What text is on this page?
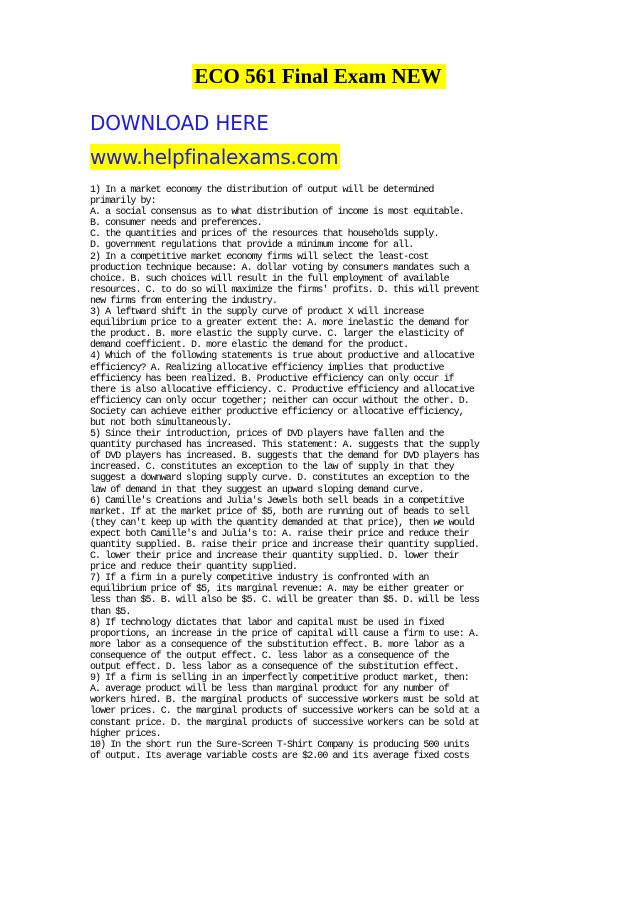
ECO 561 Final Exam NEW
DOWNLOAD HERE
www.helpfinalexams.com
1) In a market economy the distribution of output will be determined
primarily by:
A. a social consensus as to what distribution of income is most equitable.
B. consumer needs and preferences.
C. the quantities and prices of the resources that households supply.
D. government regulations that provide a minimum income for all.
2) In a competitive market economy firms will select the least-cost
production technique because: A. dollar voting by consumers mandates such a
choice. B. such choices will result in the full employment of available
resources. C. to do so will maximize the firms' profits. D. this will prevent
new firms from entering the industry.
3) A leftward shift in the supply curve of product X will increase
equilibrium price to a greater extent the: A. more inelastic the demand for
the product. B. more elastic the supply curve. C. larger the elasticity of
demand coefficient. D. more elastic the demand for the product.
4) Which of the following statements is true about productive and allocative
efficiency? A. Realizing allocative efficiency implies that productive
efficiency has been realized. B. Productive efficiency can only occur if
there is also allocative efficiency. C. Productive efficiency and allocative
efficiency can only occur together; neither can occur without the other. D.
Society can achieve either productive efficiency or allocative efficiency,
but not both simultaneously.
5) Since their introduction, prices of DVD players have fallen and the
quantity purchased has increased. This statement: A. suggests that the supply
of DVD players has increased. B. suggests that the demand for DVD players has
increased. C. constitutes an exception to the law of supply in that they
suggest a downward sloping supply curve. D. constitutes an exception to the
law of demand in that they suggest an upward sloping demand curve.
6) Camille's Creations and Julia's Jewels both sell beads in a competitive
market. If at the market price of $5, both are running out of beads to sell
(they can't keep up with the quantity demanded at that price), then we would
expect both Camille's and Julia's to: A. raise their price and reduce their
quantity supplied. B. raise their price and increase their quantity supplied.
C. lower their price and increase their quantity supplied. D. lower their
price and reduce their quantity supplied.
7) If a firm in a purely competitive industry is confronted with an
equilibrium price of $5, its marginal revenue: A. may be either greater or
less than $5. B. will also be $5. C. will be greater than $5. D. will be less
than $5.
8) If technology dictates that labor and capital must be used in fixed
proportions, an increase in the price of capital will cause a firm to use: A.
more labor as a consequence of the substitution effect. B. more labor as a
consequence of the output effect. C. less labor as a consequence of the
output effect. D. less labor as a consequence of the substitution effect.
9) If a firm is selling in an imperfectly competitive product market, then:
A. average product will be less than marginal product for any number of
workers hired. B. the marginal products of successive workers must be sold at
lower prices. C. the marginal products of successive workers can be sold at a
constant price. D. the marginal products of successive workers can be sold at
higher prices.
10) In the short run the Sure-Screen T-Shirt Company is producing 500 units
of output. Its average variable costs are $2.00 and its average fixed costs
